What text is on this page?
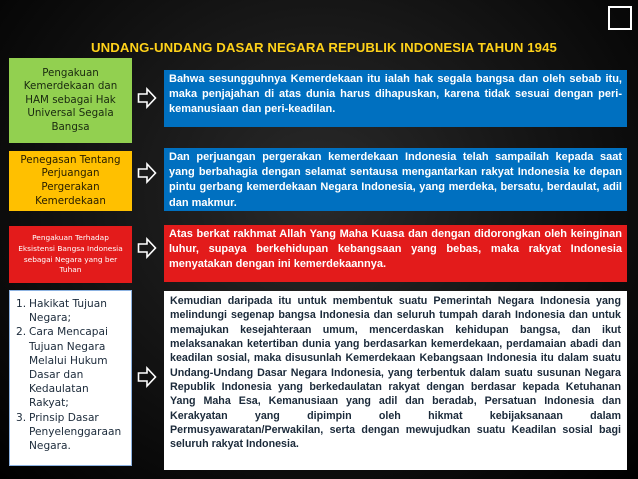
UNDANG-UNDANG DASAR NEGARA REPUBLIK INDONESIA TAHUN 1945
Pengakuan Kemerdekaan dan HAM sebagai Hak Universal Segala Bangsa
Bahwa sesungguhnya Kemerdekaan itu ialah hak segala bangsa dan oleh sebab itu, maka penjajahan di atas dunia harus dihapuskan, karena tidak sesuai dengan peri-kemanusiaan dan peri-keadilan.
Penegasan Tentang Perjuangan Pergerakan Kemerdekaan
Dan perjuangan pergerakan kemerdekaan Indonesia telah sampailah kepada saat yang berbahagia dengan selamat sentausa mengantarkan rakyat Indonesia ke depan pintu gerbang kemerdekaan Negara Indonesia, yang merdeka, bersatu, berdaulat, adil dan makmur.
Pengakuan Terhadap Eksistensi Bangsa Indonesia sebagai Negara yang ber Tuhan
Atas berkat rakhmat Allah Yang Maha Kuasa dan dengan didorongkan oleh keinginan luhur, supaya berkehidupan kebangsaan yang bebas, maka rakyat Indonesia menyatakan dengan ini kemerdekaannya.
1. Hakikat Tujuan Negara;
2. Cara Mencapai Tujuan Negara Melalui Hukum Dasar dan Kedaulatan Rakyat;
3. Prinsip Dasar Penyelenggaraan Negara.
Kemudian daripada itu untuk membentuk suatu Pemerintah Negara Indonesia yang melindungi segenap bangsa Indonesia dan seluruh tumpah darah Indonesia dan untuk memajukan kesejahteraan umum, mencerdaskan kehidupan bangsa, dan ikut melaksanakan ketertiban dunia yang berdasarkan kemerdekaan, perdamaian abadi dan keadilan sosial, maka disusunlah Kemerdekaan Kebangsaan Indonesia itu dalam suatu Undang-Undang Dasar Negara Indonesia, yang terbentuk dalam suatu susunan Negara Republik Indonesia yang berkedaulatan rakyat dengan berdasar kepada Ketuhanan Yang Maha Esa, Kemanusiaan yang adil dan beradab, Persatuan Indonesia dan Kerakyatan yang dipimpin oleh hikmat kebijaksanaan dalam Permusyawaratan/Perwakilan, serta dengan mewujudkan suatu Keadilan sosial bagi seluruh rakyat Indonesia.
